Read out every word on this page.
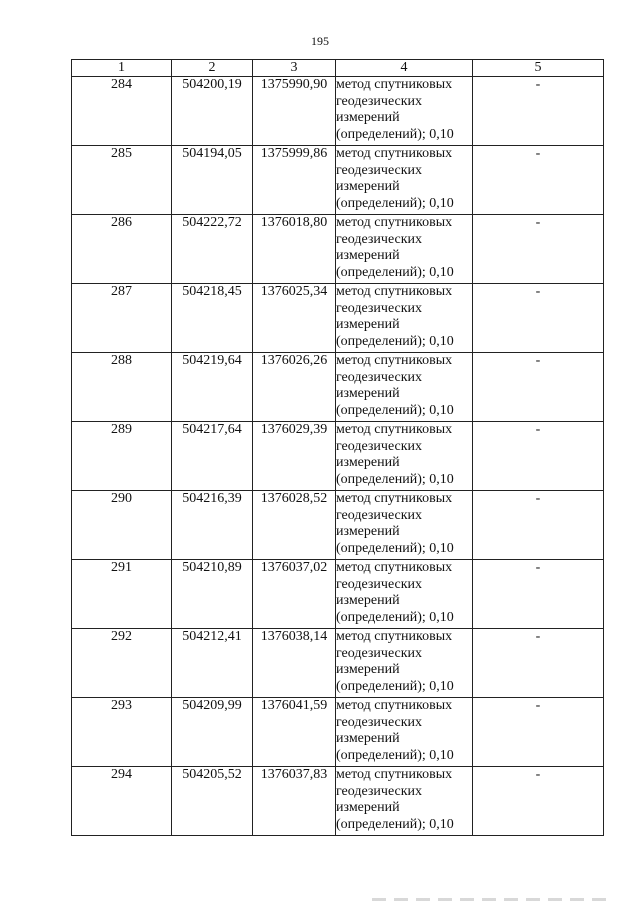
195
1	2	3	4	5
284	504200,19	1375990,90	метод спутниковых геодезических измерений (определений); 0,10	-
285	504194,05	1375999,86	метод спутниковых геодезических измерений (определений); 0,10	-
286	504222,72	1376018,80	метод спутниковых геодезических измерений (определений); 0,10	-
287	504218,45	1376025,34	метод спутниковых геодезических измерений (определений); 0,10	-
288	504219,64	1376026,26	метод спутниковых геодезических измерений (определений); 0,10	-
289	504217,64	1376029,39	метод спутниковых геодезических измерений (определений); 0,10	-
290	504216,39	1376028,52	метод спутниковых геодезических измерений (определений); 0,10	-
291	504210,89	1376037,02	метод спутниковых геодезических измерений (определений); 0,10	-
292	504212,41	1376038,14	метод спутниковых геодезических измерений (определений); 0,10	-
293	504209,99	1376041,59	метод спутниковых геодезических измерений (определений); 0,10	-
294	504205,52	1376037,83	метод спутниковых геодезических измерений (определений); 0,10	-
